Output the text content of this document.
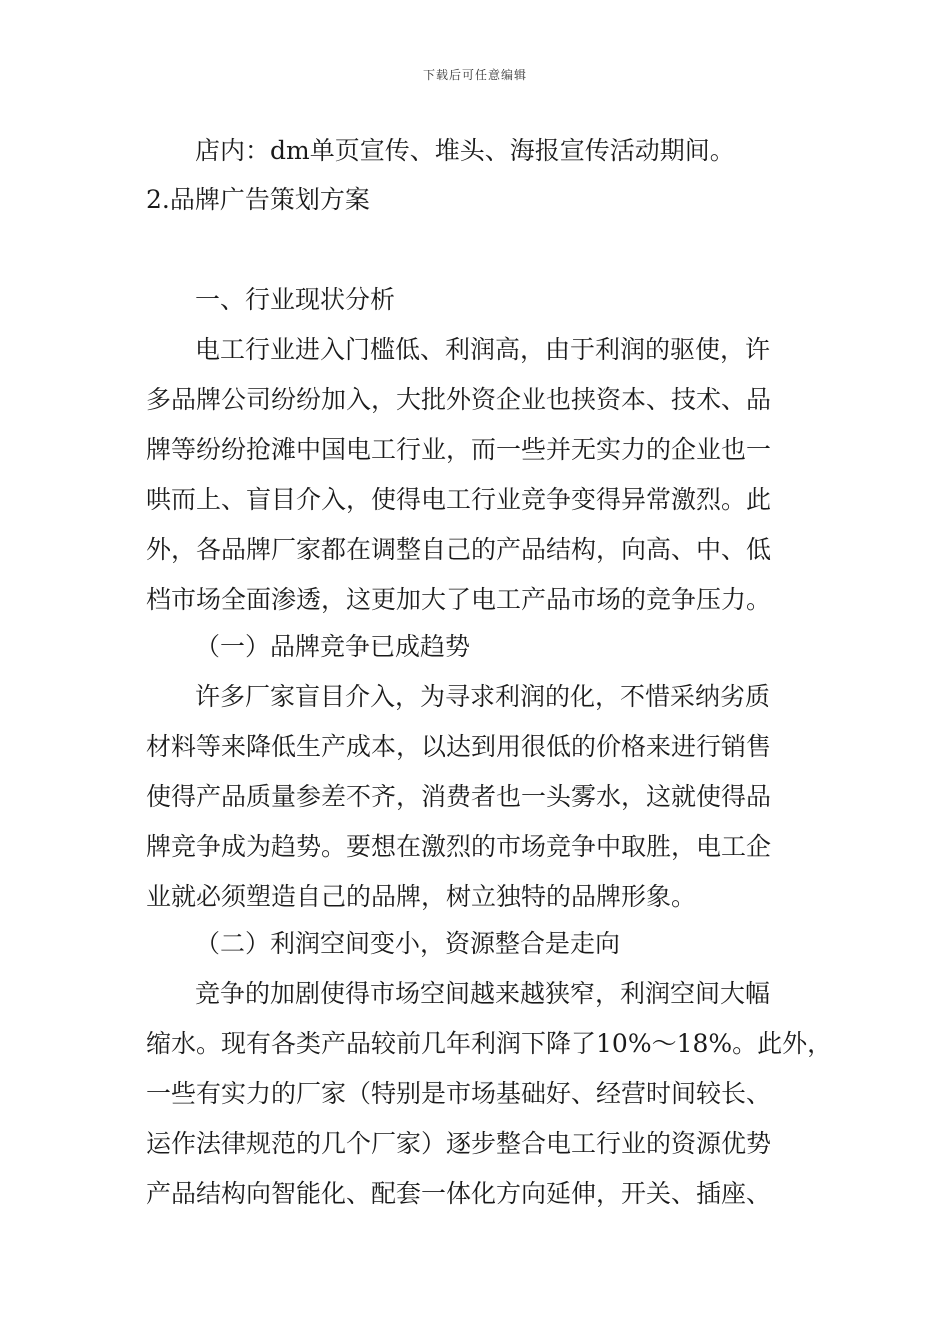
下载后可任意编辑
店内：dm单页宣传、堆头、海报宣传活动期间。
2.品牌广告策划方案
一、行业现状分析
电工行业进入门槛低、利润高，由于利润的驱使，许
多品牌公司纷纷加入，大批外资企业也挟资本、技术、品
牌等纷纷抢滩中国电工行业，而一些并无实力的企业也一
哄而上、盲目介入，使得电工行业竞争变得异常激烈。此
外，各品牌厂家都在调整自己的产品结构，向高、中、低
档市场全面渗透，这更加大了电工产品市场的竞争压力。
（一）品牌竞争已成趋势
许多厂家盲目介入，为寻求利润的化，不惜采纳劣质
材料等来降低生产成本，以达到用很低的价格来进行销售
使得产品质量参差不齐，消费者也一头雾水，这就使得品
牌竞争成为趋势。要想在激烈的市场竞争中取胜，电工企
业就必须塑造自己的品牌，树立独特的品牌形象。
（二）利润空间变小，资源整合是走向
竞争的加剧使得市场空间越来越狭窄，利润空间大幅
缩水。现有各类产品较前几年利润下降了10%～18%。此外，
一些有实力的厂家（特别是市场基础好、经营时间较长、
运作法律规范的几个厂家）逐步整合电工行业的资源优势
产品结构向智能化、配套一体化方向延伸，开关、插座、
